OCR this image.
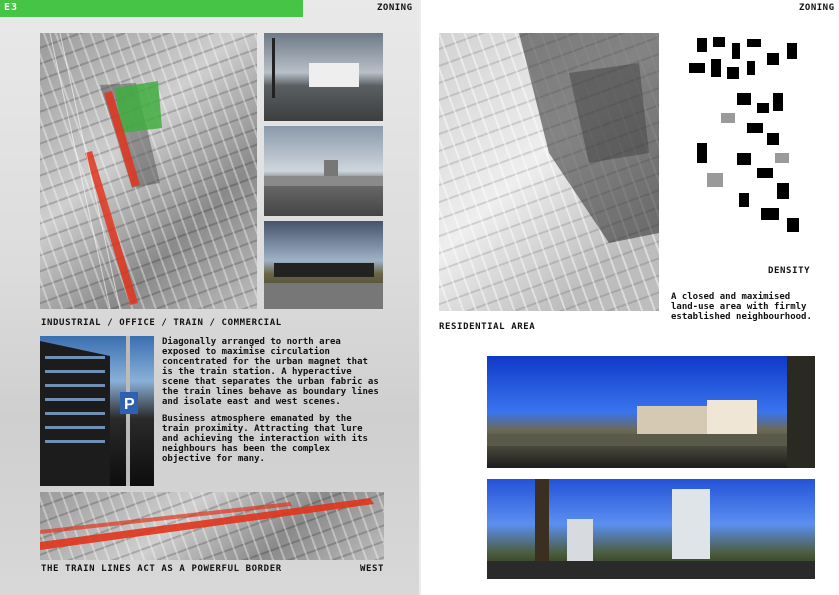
E3	ZONING
INDUSTRIAL / OFFICE / TRAIN / COMMERCIAL
P

Diagonally arranged to north area exposed to maximise circulation concentrated for the urban magnet that is the train station. A hyperactive scene that separates the urban fabric as the train lines behave as boundary lines and isolate east and west scenes.

Business atmosphere emanated by the train proximity. Attracting that lure and achieving the interaction with its neighbours has been the complex objective for many.

THE TRAIN LINES ACT AS A POWERFUL BORDER	WEST
ZONING
DENSITY
A closed and maximised land-use area with firmly established neighbourhood.
RESIDENTIAL AREA
